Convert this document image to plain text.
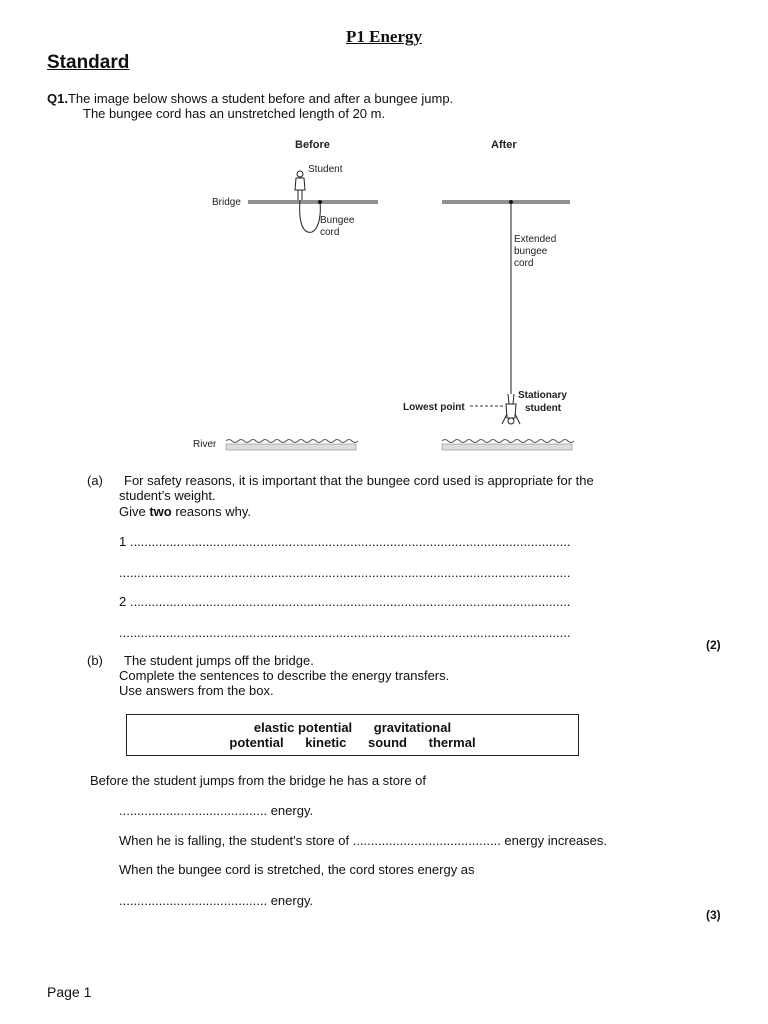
P1 Energy
Standard
Q1.The image below shows a student before and after a bungee jump.
The bungee cord has an unstretched length of 20 m.
Before	After
Student
Bridge
Bungee
cord
Extended
bungee
cord
Lowest point
Stationary
student
River
(a) For safety reasons, it is important that the bungee cord used is appropriate for the
student’s weight.
Give two reasons why.
1 ..........................................................................................................................
.............................................................................................................................
2 ..........................................................................................................................
.............................................................................................................................
(2)
(b) The student jumps off the bridge.
Complete the sentences to describe the energy transfers.
Use answers from the box.
elastic potential gravitational
potential kinetic sound thermal
Before the student jumps from the bridge he has a store of
......................................... energy.
When he is falling, the student's store of ......................................... energy increases.
When the bungee cord is stretched, the cord stores energy as
......................................... energy.
(3)
Page 1
